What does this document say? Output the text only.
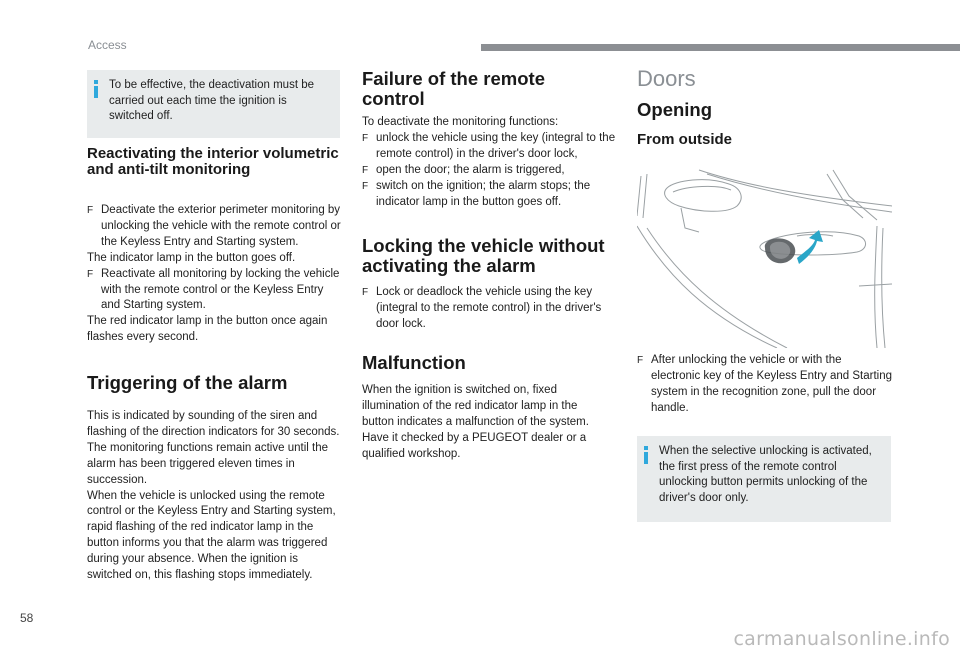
Access
58
carmanualsonline.info
To be effective, the deactivation must be carried out each time the ignition is switched off.
Reactivating the interior volumetric and anti-tilt monitoring

F Deactivate the exterior perimeter monitoring by unlocking the vehicle with the remote control or the Keyless Entry and Starting system.

The indicator lamp in the button goes off.

F Reactivate all monitoring by locking the vehicle with the remote control or the Keyless Entry and Starting system.

The red indicator lamp in the button once again flashes every second.

Triggering of the alarm

This is indicated by sounding of the siren and flashing of the direction indicators for 30 seconds.

The monitoring functions remain active until the alarm has been triggered eleven times in succession.

When the vehicle is unlocked using the remote control or the Keyless Entry and Starting system, rapid flashing of the red indicator lamp in the button informs you that the alarm was triggered during your absence. When the ignition is switched on, this flashing stops immediately.

Failure of the remote control

To deactivate the monitoring functions:

F unlock the vehicle using the key (integral to the remote control) in the driver's door lock,

F open the door; the alarm is triggered,

F switch on the ignition; the alarm stops; the indicator lamp in the button goes off.

Locking the vehicle without activating the alarm

F Lock or deadlock the vehicle using the key (integral to the remote control) in the driver's door lock.

Malfunction

When the ignition is switched on, fixed illumination of the red indicator lamp in the button indicates a malfunction of the system. Have it checked by a PEUGEOT dealer or a qualified workshop.

Doors
Opening
From outside

F After unlocking the vehicle or with the electronic key of the Keyless Entry and Starting system in the recognition zone, pull the door handle.

When the selective unlocking is activated, the first press of the remote control unlocking button permits unlocking of the driver's door only.
